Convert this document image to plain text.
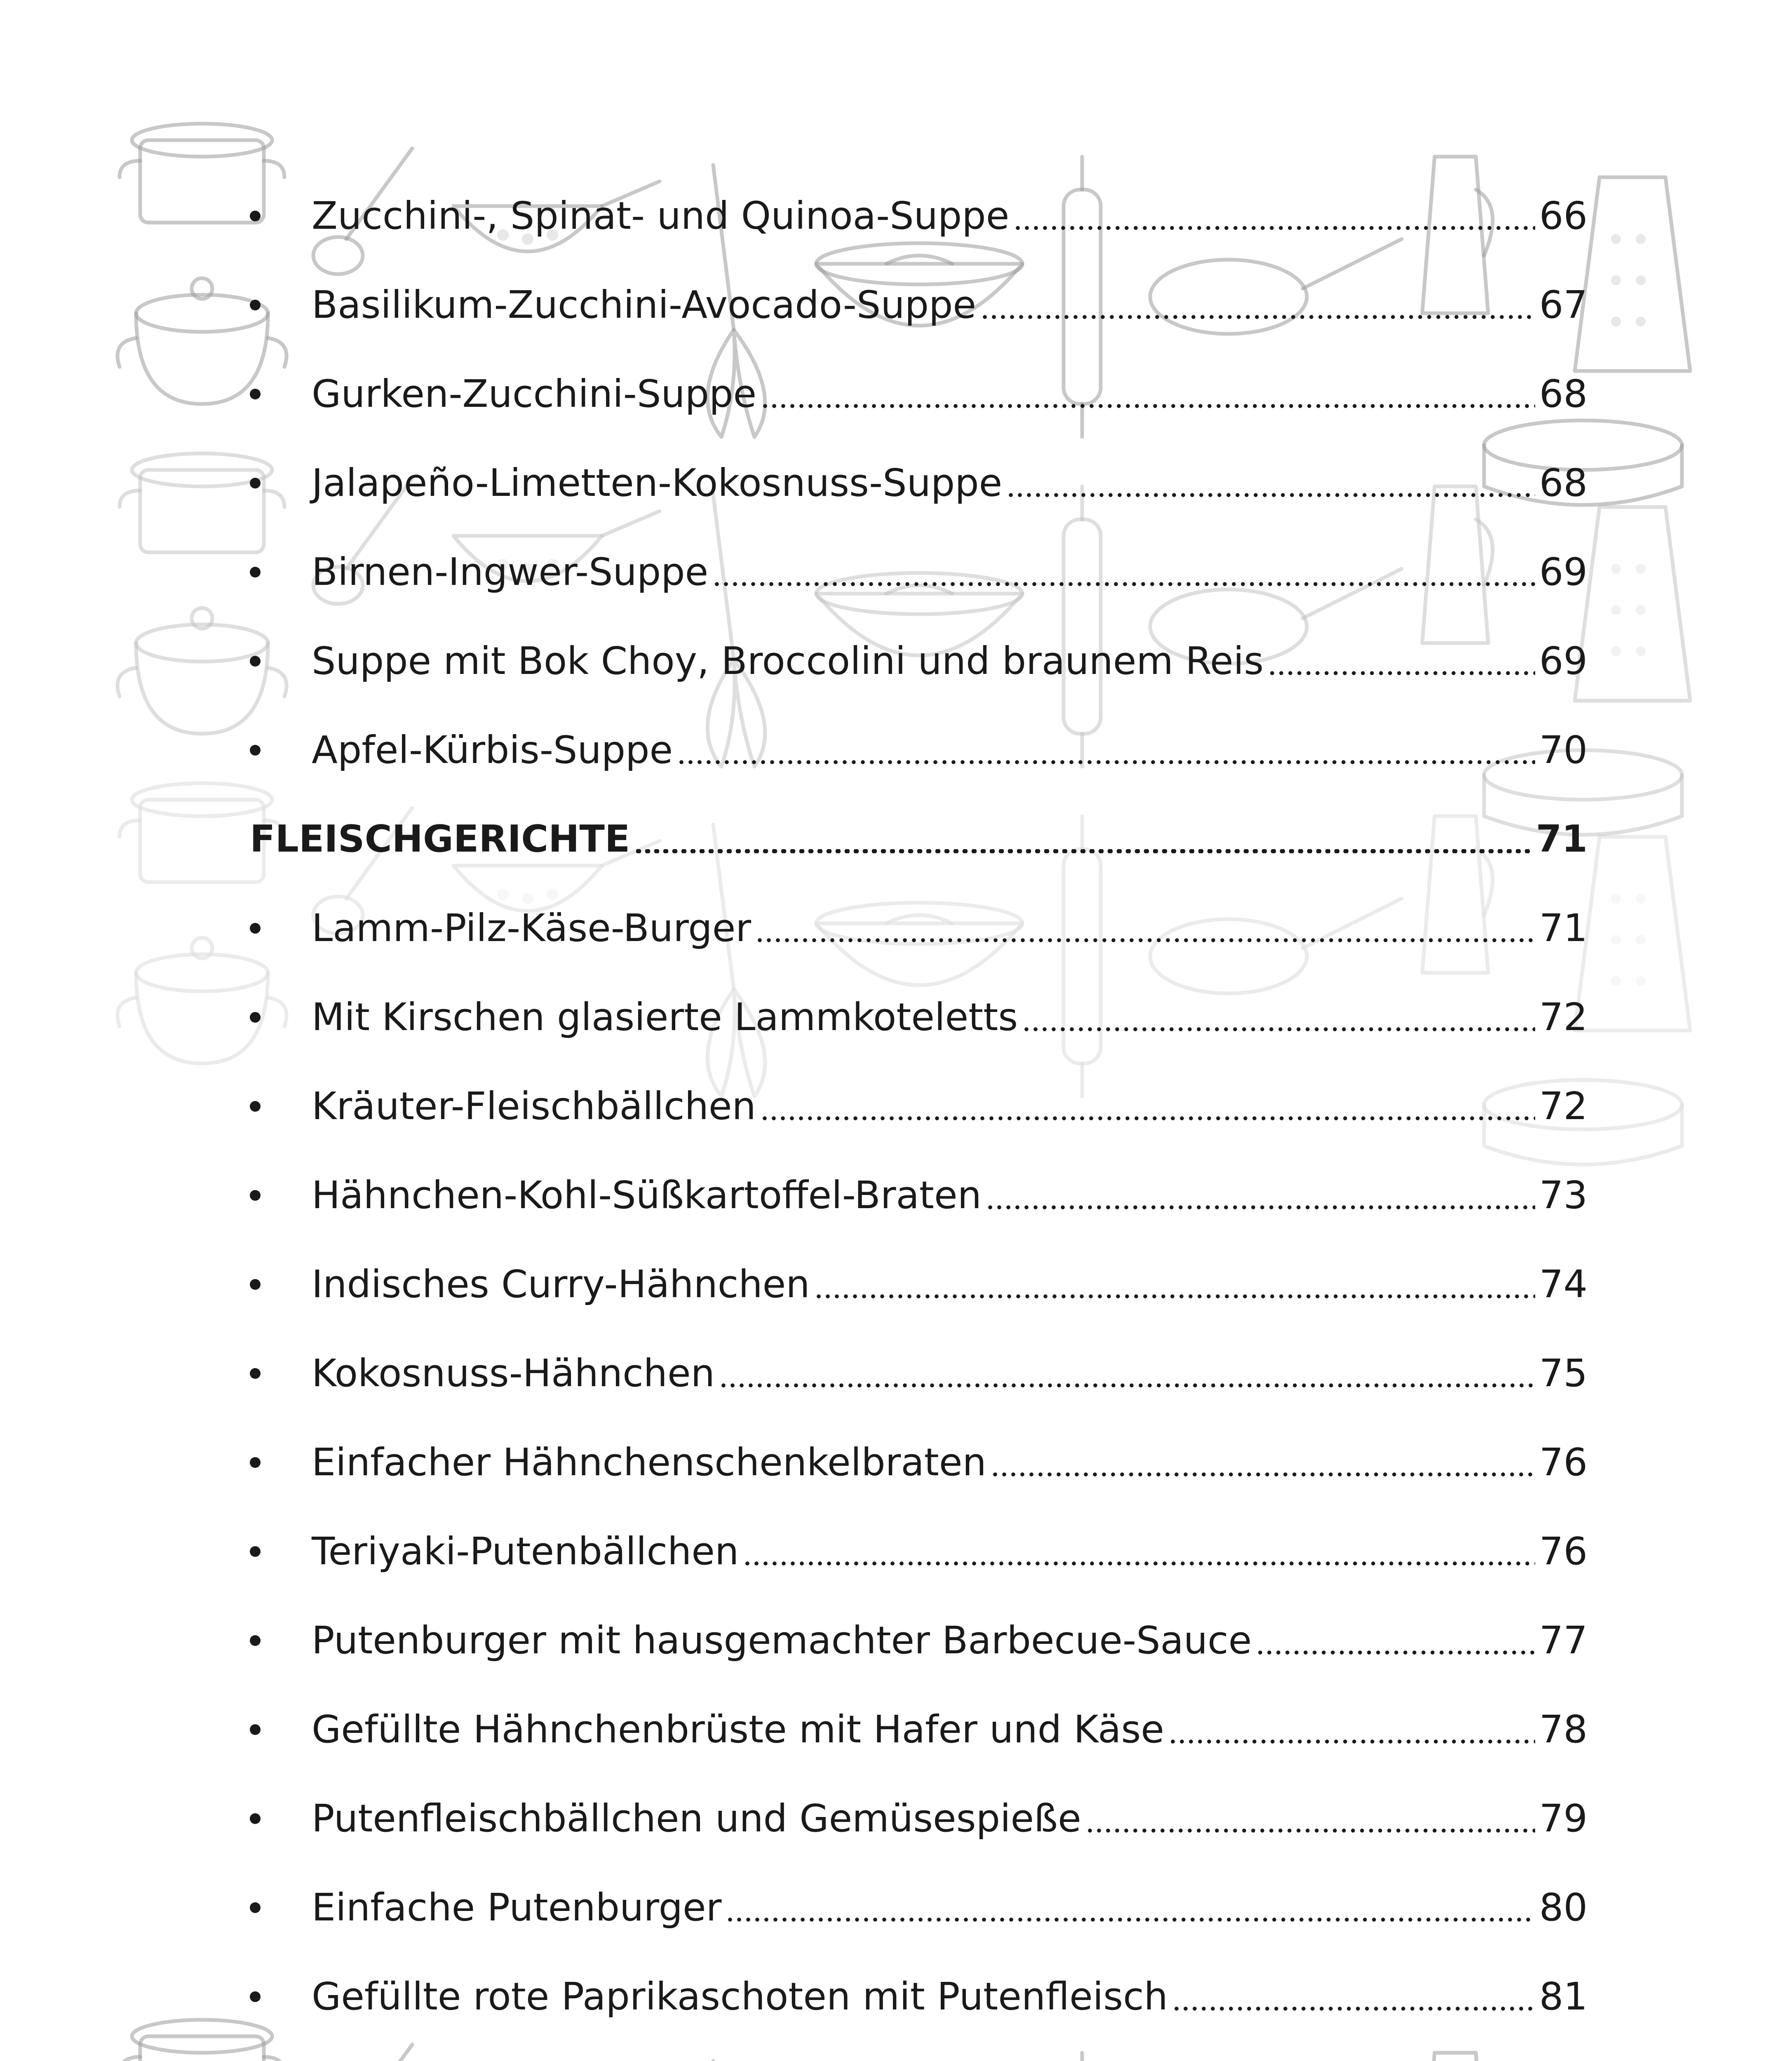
Zucchini-, Spinat- und Quinoa-Suppe	66
Basilikum-Zucchini-Avocado-Suppe	67
Gurken-Zucchini-Suppe	68
Jalapeño-Limetten-Kokosnuss-Suppe	68
Birnen-Ingwer-Suppe	69
Suppe mit Bok Choy, Broccolini und braunem Reis	69
Apfel-Kürbis-Suppe	70
FLEISCHGERICHTE	71
Lamm-Pilz-Käse-Burger	71
Mit Kirschen glasierte Lammkoteletts	72
Kräuter-Fleischbällchen	72
Hähnchen-Kohl-Süßkartoffel-Braten	73
Indisches Curry-Hähnchen	74
Kokosnuss-Hähnchen	75
Einfacher Hähnchenschenkelbraten	76
Teriyaki-Putenbällchen	76
Putenburger mit hausgemachter Barbecue-Sauce	77
Gefüllte Hähnchenbrüste mit Hafer und Käse	78
Putenfleischbällchen und Gemüsespieße	79
Einfache Putenburger	80
Gefüllte rote Paprikaschoten mit Putenfleisch	81
